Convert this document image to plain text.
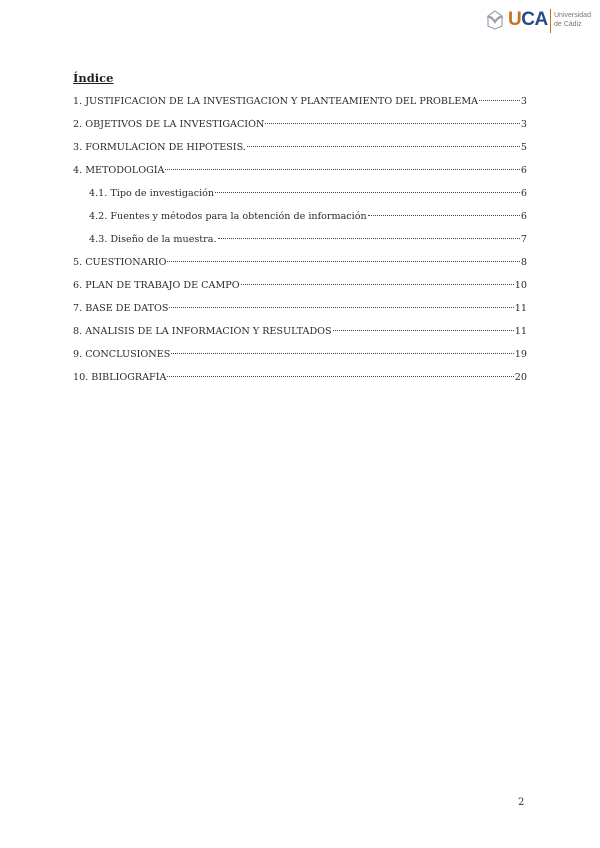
UCA Universidad
de Cádiz
Índice
1. JUSTIFICACIÓN DE LA INVESTIGACIÓN Y PLANTEAMIENTO DEL PROBLEMA	3
2. OBJETIVOS DE LA INVESTIGACIÓN	3
3. FORMULACIÓN DE HIPÓTESIS.	5
4. METODOLOGÍA	6
4.1. Tipo de investigación	6
4.2. Fuentes y métodos para la obtención de información	6
4.3. Diseño de la muestra.	7
5. CUESTIONARIO	8
6. PLAN DE TRABAJO DE CAMPO	10
7. BASE DE DATOS	11
8. ANÁLISIS DE LA INFORMACIÓN Y RESULTADOS	11
9. CONCLUSIONES	19
10. BIBLIOGRAFÍA	20
2
